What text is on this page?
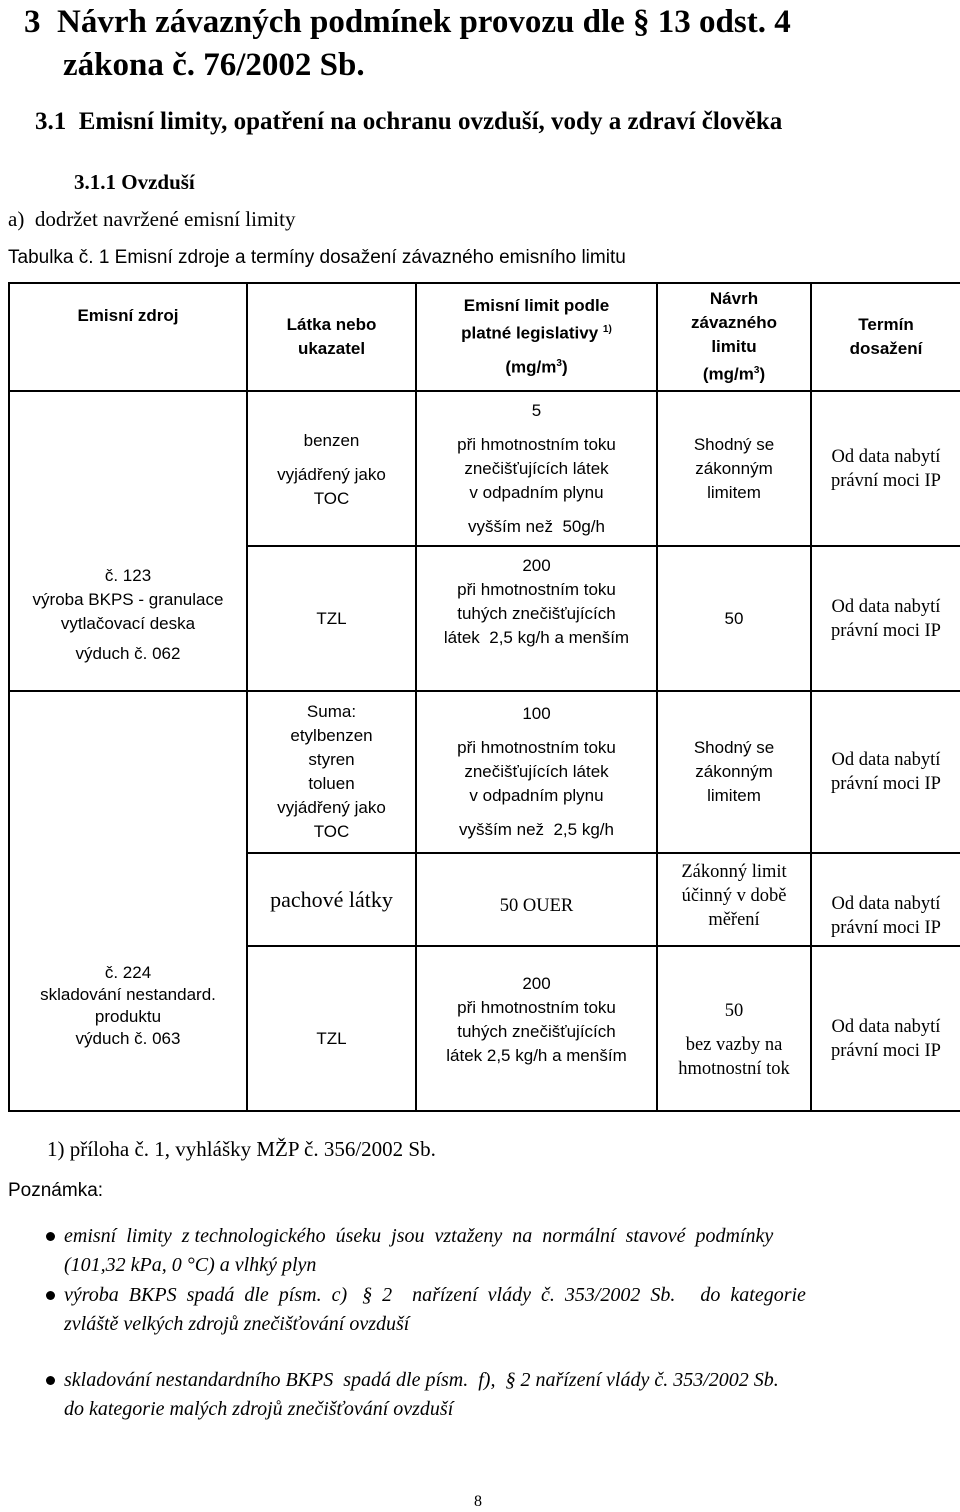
3 Návrh závazných podmínek provozu dle § 13 odst. 4
zákona č. 76/2002 Sb.
3.1  Emisní limity, opatření na ochranu ovzduší, vody a zdraví člověka
3.1.1 Ovzduší
a)  dodržet navržené emisní limity
Tabulka č. 1 Emisní zdroje a termíny dosažení závazného emisního limitu
Emisní zdroj	Látka nebo
ukazatel
Emisní limit podle
platné legislativy $^{1)}$
$(mg/m^3)$
Návrh
závazného
limitu
$(mg/m^3)$
Termín
dosažení
č. 123
výroba BKPS - granulace
vytlačovací deska
výduch č. 062
č. 224
skladování nestandard.
produktu
výduch č. 063
benzen
vyjádřený jako
TOC
5
při hmotnostním toku
znečišťujících látek
v odpadním plynu
vyšším než  50g/h
Shodný se
zákonným
limitem
Od data nabytí
právní moci IP
TZL
200
při hmotnostním toku
tuhých znečišťujících
látek  2,5 kg/h a menším
50
Od data nabytí
právní moci IP
Suma:
etylbenzen
styren
toluen
vyjádřený jako
TOC
100
při hmotnostním toku
znečišťujících látek
v odpadním plynu
vyšším než  2,5 kg/h
Shodný se
zákonným
limitem
Od data nabytí
právní moci IP
pachové látky	50 OUER
Zákonný limit
účinný v době
měření
Od data nabytí
právní moci IP
TZL
200
při hmotnostním toku
tuhých znečišťujících
látek 2,5 kg/h a menším
50
bez vazby na
hmotnostní tok
Od data nabytí
právní moci IP
1) příloha č. 1, vyhlášky MŽP č. 356/2002 Sb.
Poznámka:
emisní  limity  z technologického  úseku  jsou  vztaženy  na  normální  stavové  podmínky
(101,32 kPa, 0 °C) a vlhký plyn
výroba  BKPS  spadá  dle  písm.  c)   §  2    nařízení  vlády  č.  353/2002  Sb.     do  kategorie
zvláště velkých zdrojů znečišťování ovzduší
skladování nestandardního BKPS  spadá dle písm.  f),  § 2 nařízení vlády č. 353/2002 Sb.
do kategorie malých zdrojů znečišťování ovzduší
8
